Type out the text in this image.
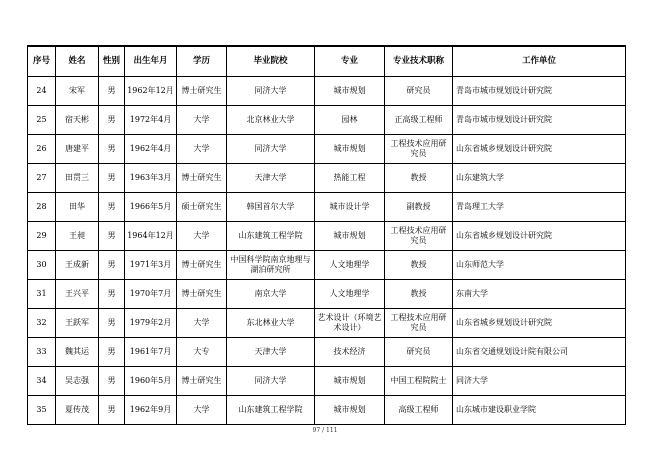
序号	姓名	性别	出生年月	学历	毕业院校	专业	专业技术职称	工作单位
24	宋军	男	1962年12月	博士研究生	同济大学	城市规划	研究员	青岛市城市规划设计研究院
25	宿天彬	男	1972年4月	大学	北京林业大学	园林	正高级工程师	青岛市城市规划设计研究院
26	唐建平	男	1962年4月	大学	同济大学	城市规划	工程技术应用研究员	山东省城乡规划设计研究院
27	田贯三	男	1963年3月	博士研究生	天津大学	热能工程	教授	山东建筑大学
28	田华	男	1966年5月	硕士研究生	韩国首尔大学	城市设计学	副教授	青岛理工大学
29	王昶	男	1964年12月	大学	山东建筑工程学院	城市规划	工程技术应用研究员	山东省城乡规划设计研究院
30	王成新	男	1971年3月	博士研究生	中国科学院南京地理与湖泊研究所	人文地理学	教授	山东师范大学
31	王兴平	男	1970年7月	博士研究生	南京大学	人文地理学	教授	东南大学
32	王跃军	男	1979年2月	大学	东北林业大学	艺术设计（环境艺术设计）	工程技术应用研究员	山东省城乡规划设计研究院
33	魏其运	男	1961年7月	大专	天津大学	技术经济	研究员	山东省交通规划设计院有限公司
34	吴志强	男	1960年5月	博士研究生	同济大学	城市规划	中国工程院院士	同济大学
35	夏传茂	男	1962年9月	大学	山东建筑工程学院	城市规划	高级工程师	山东城市建设职业学院
97 / 111
